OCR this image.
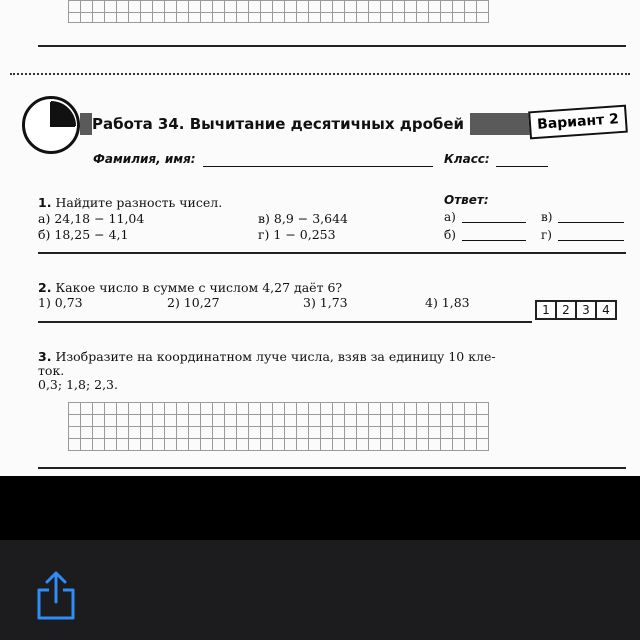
Работа 34. Вычитание десятичных дробей	Вариант 2
Фамилия, имя:	Класс:
1. Найдите разность чисел.
а) 24,18 − 11,04
б) 18,25 − 4,1
в) 8,9 − 3,644
г) 1 − 0,253
Ответ:
а)	в)
б)	г)
2. Какое число в сумме с числом 4,27 даёт 6?
1) 0,73	2) 10,27	3) 1,73	4) 1,83	1	2	3	4
3. Изобразите на координатном луче числа, взяв за единицу 10 кле-
ток.
0,3; 1,8; 2,3.
